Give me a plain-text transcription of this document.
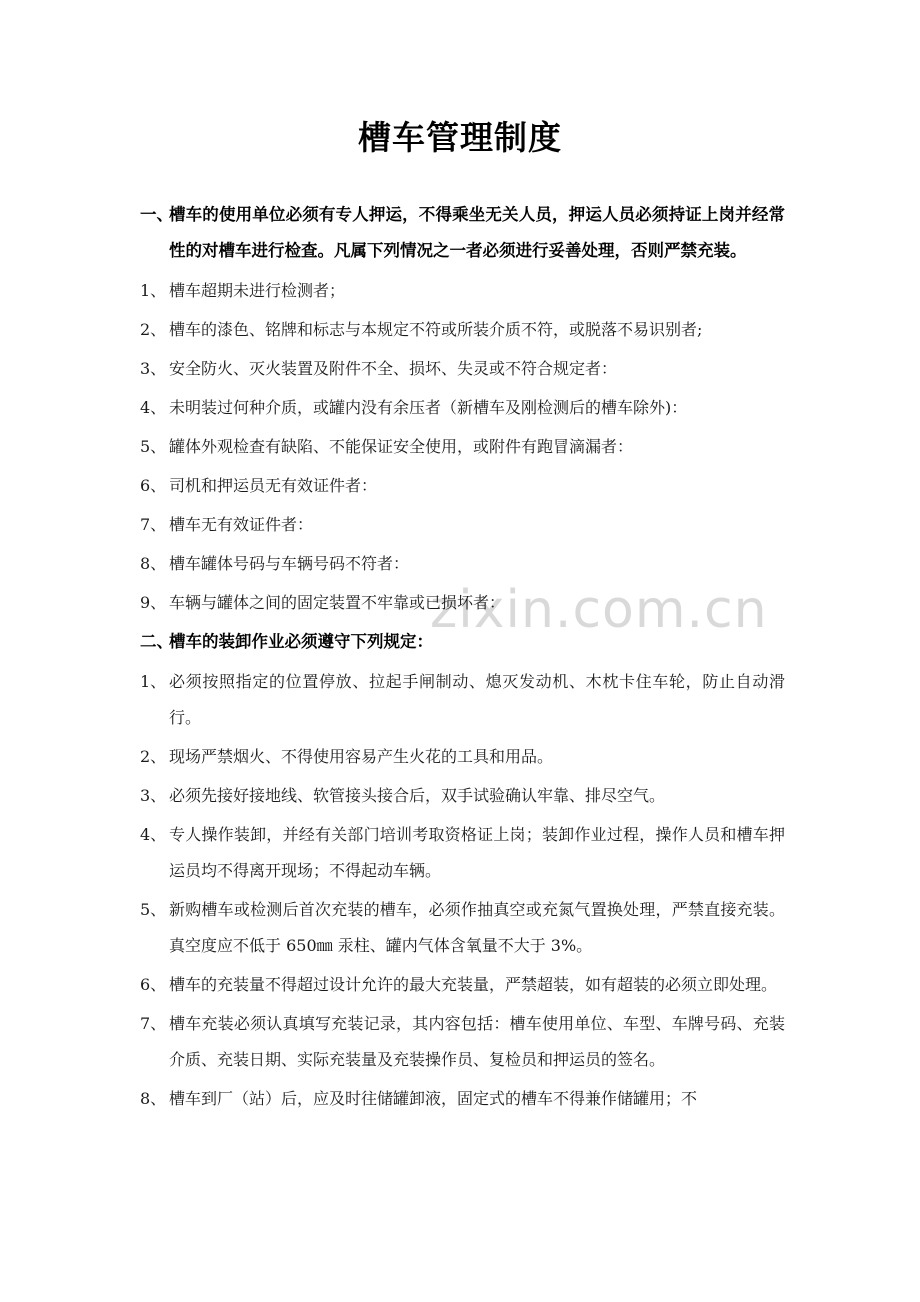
zixin.com.cn
槽车管理制度
一、
槽车的使用单位必须有专人押运，不得乘坐无关人员，押运人员必须持证上岗并经常性的对槽车进行检查。凡属下列情况之一者必须进行妥善处理，否则严禁充装。
1、 槽车超期未进行检测者；
2、 槽车的漆色、铭牌和标志与本规定不符或所装介质不符，或脱落不易识别者;
3、 安全防火、灭火装置及附件不全、损坏、失灵或不符合规定者：
4、 未明装过何种介质，或罐内没有余压者（新槽车及刚检测后的槽车除外)：
5、 罐体外观检查有缺陷、不能保证安全使用，或附件有跑冒滴漏者：
6、 司机和押运员无有效证件者：
7、 槽车无有效证件者：
8、 槽车罐体号码与车辆号码不符者：
9、 车辆与罐体之间的固定装置不牢靠或已损坏者：
二、
槽车的装卸作业必须遵守下列规定：
1、 必须按照指定的位置停放、拉起手闸制动、熄灭发动机、木枕卡住车轮，防止自动滑行。
2、 现场严禁烟火、不得使用容易产生火花的工具和用品。
3、 必须先接好接地线、软管接头接合后，双手试验确认牢靠、排尽空气。
4、 专人操作装卸，并经有关部门培训考取资格证上岗；装卸作业过程，操作人员和槽车押运员均不得离开现场；不得起动车辆。
5、 新购槽车或检测后首次充装的槽车，必须作抽真空或充氮气置换处理，严禁直接充装。真空度应不低于 650㎜ 汞柱、罐内气体含氧量不大于 3%。
6、 槽车的充装量不得超过设计允许的最大充装量，严禁超装，如有超装的必须立即处理。
7、 槽车充装必须认真填写充装记录，其内容包括：槽车使用单位、车型、车牌号码、充装介质、充装日期、实际充装量及充装操作员、复检员和押运员的签名。
8、 槽车到厂（站）后，应及时往储罐卸液，固定式的槽车不得兼作储罐用；不
